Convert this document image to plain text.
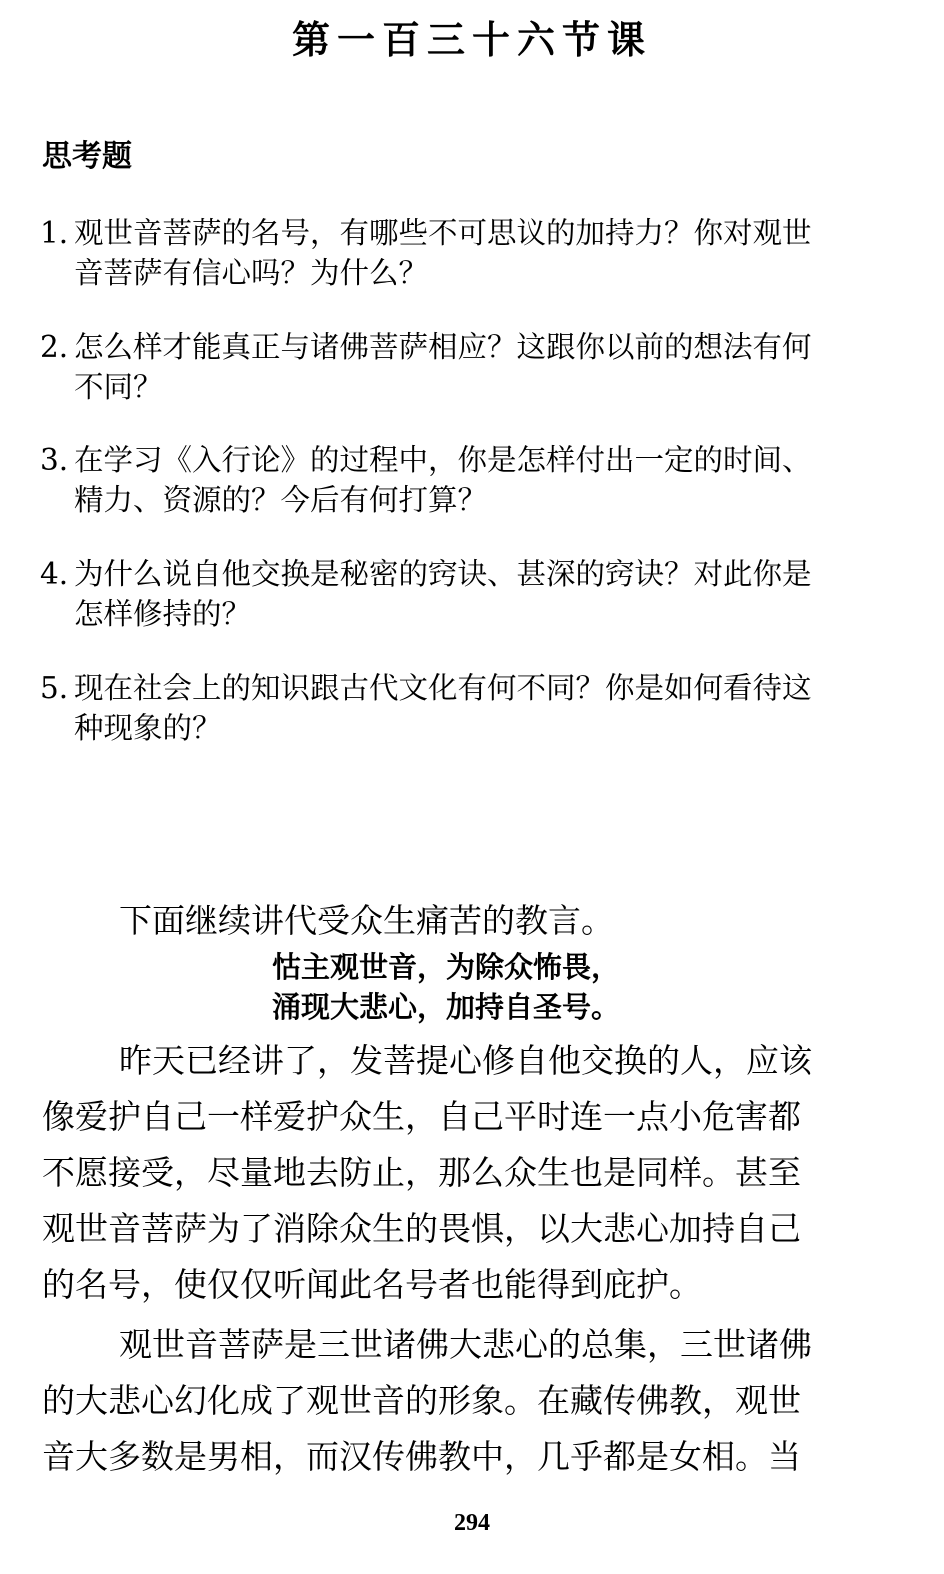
第一百三十六节课
思考题
1. 观世音菩萨的名号，有哪些不可思议的加持力？你对观世
音菩萨有信心吗？为什么？
2. 怎么样才能真正与诸佛菩萨相应？这跟你以前的想法有何
不同？
3. 在学习《入行论》的过程中，你是怎样付出一定的时间、
精力、资源的？今后有何打算？
4. 为什么说自他交换是秘密的窍诀、甚深的窍诀？对此你是
怎样修持的？
5. 现在社会上的知识跟古代文化有何不同？你是如何看待这
种现象的？

下面继续讲代受众生痛苦的教言。

怙主观世音，为除众怖畏，

涌现大悲心，加持自圣号。

昨天已经讲了，发菩提心修自他交换的人，应该
像爱护自己一样爱护众生，自己平时连一点小危害都
不愿接受，尽量地去防止，那么众生也是同样。甚至
观世音菩萨为了消除众生的畏惧，以大悲心加持自己
的名号，使仅仅听闻此名号者也能得到庇护。

观世音菩萨是三世诸佛大悲心的总集，三世诸佛
的大悲心幻化成了观世音的形象。在藏传佛教，观世
音大多数是男相，而汉传佛教中，几乎都是女相。当

294
